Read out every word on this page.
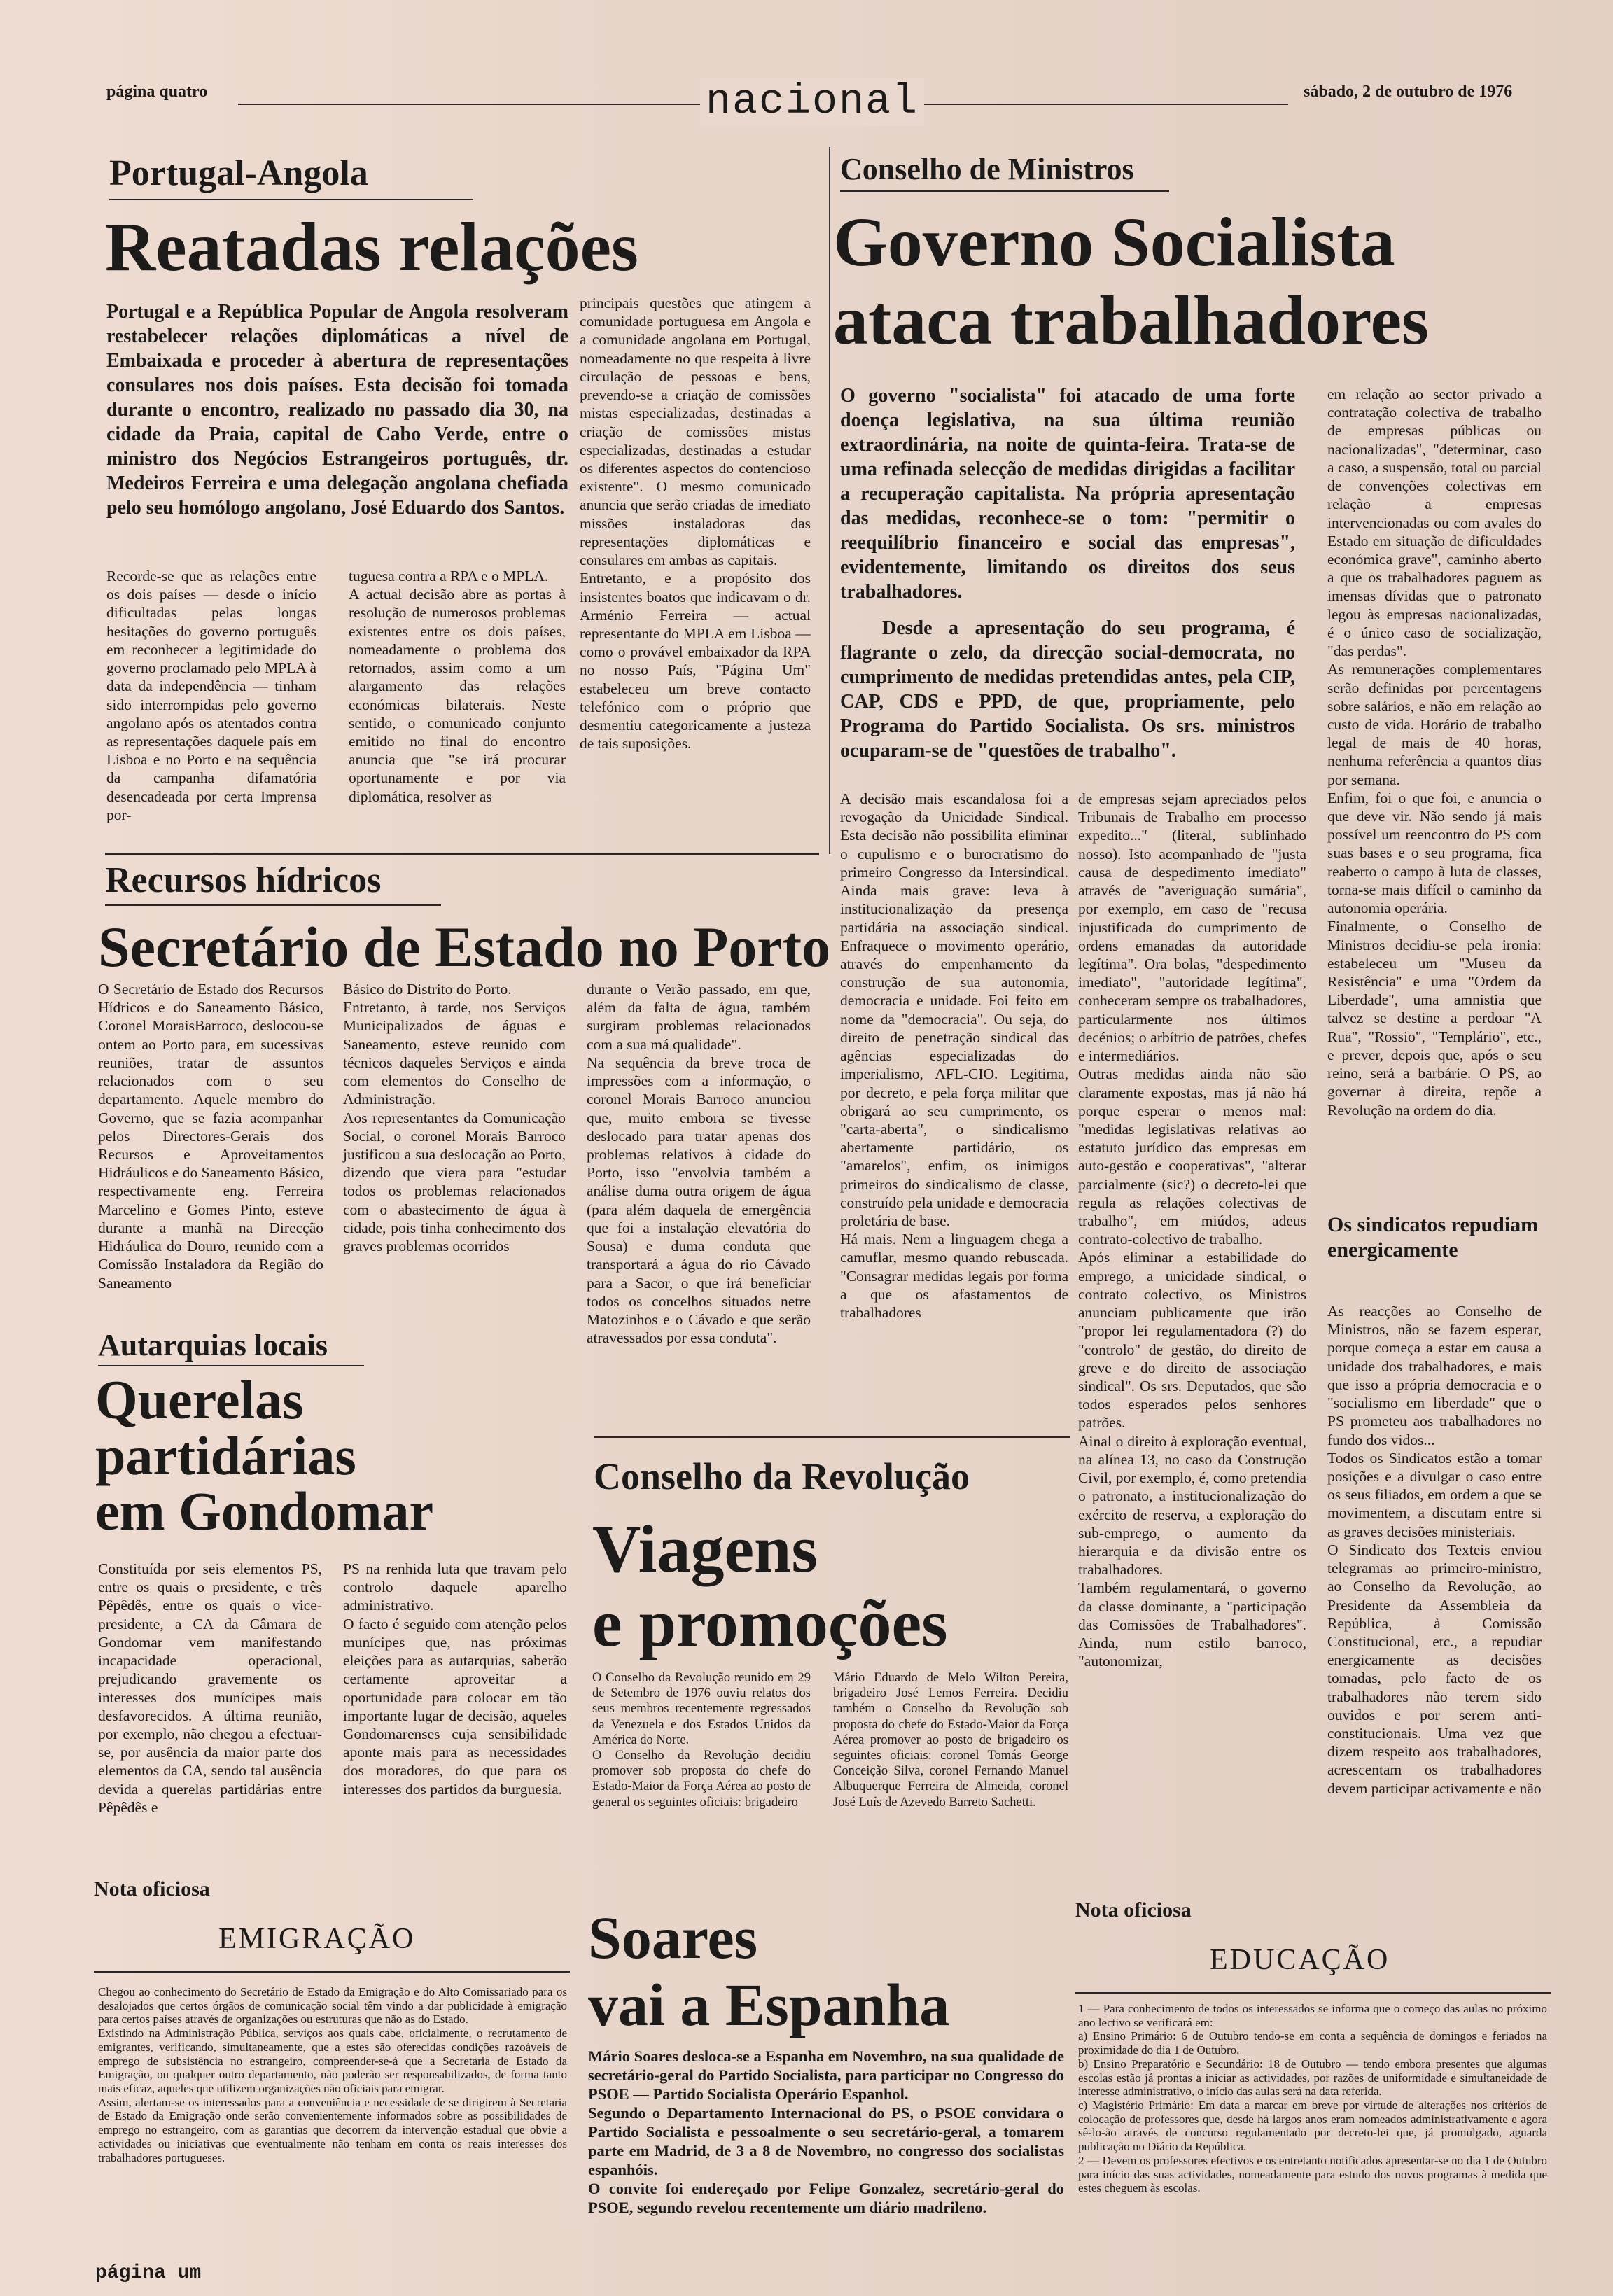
página quatro	nacional	sábado, 2 de outubro de 1976
Portugal-Angola
Reatadas relações
Portugal e a República Popular de Angola resolveram restabelecer relações diplomáticas a nível de Embaixada e proceder à abertura de representações consulares nos dois países. Esta decisão foi tomada durante o encontro, realizado no passado dia 30, na cidade da Praia, capital de Cabo Verde, entre o ministro dos Negócios Estrangeiros português, dr. Medeiros Ferreira e uma delegação angolana chefiada pelo seu homólogo angolano, José Eduardo dos Santos.
Recorde-se que as relações entre os dois países — desde o início dificultadas pelas longas hesitações do governo português em reconhecer a legitimidade do governo proclamado pelo MPLA à data da independência — tinham sido interrompidas pelo governo angolano após os atentados contra as representações daquele país em Lisboa e no Porto e na sequência da campanha difamatória desencadeada por certa Imprensa por-
tuguesa contra a RPA e o MPLA.
A actual decisão abre as portas à resolução de numerosos problemas existentes entre os dois países, nomeadamente o problema dos retornados, assim como a um alargamento das relações económicas bilaterais. Neste sentido, o comunicado conjunto emitido no final do encontro anuncia que "se irá procurar oportunamente e por via diplomática, resolver as
principais questões que atingem a comunidade portuguesa em Angola e a comunidade angolana em Portugal, nomeadamente no que respeita à livre circulação de pessoas e bens, prevendo-se a criação de comissões mistas especializadas, destinadas a criação de comissões mistas especializadas, destinadas a estudar os diferentes aspectos do contencioso existente". O mesmo comunicado anuncia que serão criadas de imediato missões instaladoras das representações diplomáticas e consulares em ambas as capitais.
Entretanto, e a propósito dos insistentes boatos que indicavam o dr. Arménio Ferreira — actual representante do MPLA em Lisboa — como o provável embaixador da RPA no nosso País, "Página Um" estabeleceu um breve contacto telefónico com o próprio que desmentiu categoricamente a justeza de tais suposições.
Recursos hídricos
Secretário de Estado no Porto
O Secretário de Estado dos Recursos Hídricos e do Saneamento Básico, Coronel MoraisBarroco, deslocou-se ontem ao Porto para, em sucessivas reuniões, tratar de assuntos relacionados com o seu departamento. Aquele membro do Governo, que se fazia acompanhar pelos Directores-Gerais dos Recursos e Aproveitamentos Hidráulicos e do Saneamento Básico, respectivamente eng. Ferreira Marcelino e Gomes Pinto, esteve durante a manhã na Direcção Hidráulica do Douro, reunido com a Comissão Instaladora da Região do Saneamento
Básico do Distrito do Porto.
Entretanto, à tarde, nos Serviços Municipalizados de águas e Saneamento, esteve reunido com técnicos daqueles Serviços e ainda com elementos do Conselho de Administração.
Aos representantes da Comunicação Social, o coronel Morais Barroco justificou a sua deslocação ao Porto, dizendo que viera para "estudar todos os problemas relacionados com o abastecimento de água à cidade, pois tinha conhecimento dos graves problemas ocorridos
durante o Verão passado, em que, além da falta de água, também surgiram problemas relacionados com a sua má qualidade".
Na sequência da breve troca de impressões com a informação, o coronel Morais Barroco anunciou que, muito embora se tivesse deslocado para tratar apenas dos problemas relativos à cidade do Porto, isso "envolvia também a análise duma outra origem de água (para além daquela de emergência que foi a instalação elevatória do Sousa) e duma conduta que transportará a água do rio Cávado para a Sacor, o que irá beneficiar todos os concelhos situados netre Matozinhos e o Cávado e que serão atravessados por essa conduta".
Autarquias locais
Querelas
partidárias
em Gondomar
Constituída por seis elementos PS, entre os quais o presidente, e três Pêpêdês, entre os quais o vice-presidente, a CA da Câmara de Gondomar vem manifestando incapacidade operacional, prejudicando gravemente os interesses dos munícipes mais desfavorecidos. A última reunião, por exemplo, não chegou a efectuar-se, por ausência da maior parte dos elementos da CA, sendo tal ausência devida a querelas partidárias entre Pêpêdês e
PS na renhida luta que travam pelo controlo daquele aparelho administrativo.
O facto é seguido com atenção pelos munícipes que, nas próximas eleições para as autarquias, saberão certamente aproveitar a oportunidade para colocar em tão importante lugar de decisão, aqueles Gondomarenses cuja sensibilidade aponte mais para as necessidades dos moradores, do que para os interesses dos partidos da burguesia.
Nota oficiosa
EMIGRAÇÃO
Chegou ao conhecimento do Secretário de Estado da Emigração e do Alto Comissariado para os desalojados que certos órgãos de comunicação social têm vindo a dar publicidade à emigração para certos países através de organizações ou estruturas que não as do Estado.
Existindo na Administração Pública, serviços aos quais cabe, oficialmente, o recrutamento de emigrantes, verificando, simultaneamente, que a estes são oferecidas condições razoáveis de emprego de subsistência no estrangeiro, compreender-se-á que a Secretaria de Estado da Emigração, ou qualquer outro departamento, não poderão ser responsabilizados, de forma tanto mais eficaz, aqueles que utilizem organizações não oficiais para emigrar.
Assim, alertam-se os interessados para a conveniência e necessidade de se dirigirem à Secretaria de Estado da Emigração onde serão convenientemente informados sobre as possibilidades de emprego no estrangeiro, com as garantias que decorrem da intervenção estadual que obvie a actividades ou iniciativas que eventualmente não tenham em conta os reais interesses dos trabalhadores portugueses.
página um
Conselho de Ministros
Governo Socialista
ataca trabalhadores
O governo "socialista" foi atacado de uma forte doença legislativa, na sua última reunião extraordinária, na noite de quinta-feira. Trata-se de uma refinada selecção de medidas dirigidas a facilitar a recuperação capitalista. Na própria apresentação das medidas, reconhece-se o tom: "permitir o reequilíbrio financeiro e social das empresas", evidentemente, limitando os direitos dos seus trabalhadores.
Desde a apresentação do seu programa, é flagrante o zelo, da direcção social-democrata, no cumprimento de medidas pretendidas antes, pela CIP, CAP, CDS e PPD, de que, propriamente, pelo Programa do Partido Socialista. Os srs. ministros ocuparam-se de "questões de trabalho".
A decisão mais escandalosa foi a revogação da Unicidade Sindical. Esta decisão não possibilita eliminar o cupulismo e o burocratismo do primeiro Congresso da Intersindical. Ainda mais grave: leva à institucionalização da presença partidária na associação sindical. Enfraquece o movimento operário, através do empenhamento da construção de sua autonomia, democracia e unidade. Foi feito em nome da "democracia". Ou seja, do direito de penetração sindical das agências especializadas do imperialismo, AFL-CIO. Legitima, por decreto, e pela força militar que obrigará ao seu cumprimento, os "carta-aberta", o sindicalismo abertamente partidário, os "amarelos", enfim, os inimigos primeiros do sindicalismo de classe, construído pela unidade e democracia proletária de base.
Há mais. Nem a linguagem chega a camuflar, mesmo quando rebuscada. "Consagrar medidas legais por forma a que os afastamentos de trabalhadores
de empresas sejam apreciados pelos Tribunais de Trabalho em processo expedito..." (literal, sublinhado nosso). Isto acompanhado de "justa causa de despedimento imediato" através de "averiguação sumária", por exemplo, em caso de "recusa injustificada do cumprimento de ordens emanadas da autoridade legítima". Ora bolas, "despedimento imediato", "autoridade legítima", conheceram sempre os trabalhadores, particularmente nos últimos decénios; o arbítrio de patrões, chefes e intermediários.
Outras medidas ainda não são claramente expostas, mas já não há porque esperar o menos mal: "medidas legislativas relativas ao estatuto jurídico das empresas em auto-gestão e cooperativas", "alterar parcialmente (sic?) o decreto-lei que regula as relações colectivas de trabalho", em miúdos, adeus contrato-colectivo de trabalho.
Após eliminar a estabilidade do emprego, a unicidade sindical, o contrato colectivo, os Ministros anunciam publicamente que irão "propor lei regulamentadora (?) do "controlo" de gestão, do direito de greve e do direito de associação sindical". Os srs. Deputados, que são todos esperados pelos senhores patrões.
Ainal o direito à exploração eventual, na alínea 13, no caso da Construção Civil, por exemplo, é, como pretendia o patronato, a institucionalização do exército de reserva, a exploração do sub-emprego, o aumento da hierarquia e da divisão entre os trabalhadores.
Também regulamentará, o governo da classe dominante, a "participação das Comissões de Trabalhadores". Ainda, num estilo barroco, "autonomizar,
em relação ao sector privado a contratação colectiva de trabalho de empresas públicas ou nacionalizadas", "determinar, caso a caso, a suspensão, total ou parcial de convenções colectivas em relação a empresas intervencionadas ou com avales do Estado em situação de dificuldades económica grave", caminho aberto a que os trabalhadores paguem as imensas dívidas que o patronato legou às empresas nacionalizadas, é o único caso de socialização, "das perdas".
As remunerações complementares serão definidas por percentagens sobre salários, e não em relação ao custo de vida. Horário de trabalho legal de mais de 40 horas, nenhuma referência a quantos dias por semana.
Enfim, foi o que foi, e anuncia o que deve vir. Não sendo já mais possível um reencontro do PS com suas bases e o seu programa, fica reaberto o campo à luta de classes, torna-se mais difícil o caminho da autonomia operária.
Finalmente, o Conselho de Ministros decidiu-se pela ironia: estabeleceu um "Museu da Resistência" e uma "Ordem da Liberdade", uma amnistia que talvez se destine a perdoar "A Rua", "Rossio", "Templário", etc., e prever, depois que, após o seu reino, será a barbárie. O PS, ao governar à direita, repõe a Revolução na ordem do dia.
Os sindicatos repudiam energicamente
As reacções ao Conselho de Ministros, não se fazem esperar, porque começa a estar em causa a unidade dos trabalhadores, e mais que isso a própria democracia e o "socialismo em liberdade" que o PS prometeu aos trabalhadores no fundo dos vidos...
Todos os Sindicatos estão a tomar posições e a divulgar o caso entre os seus filiados, em ordem a que se movimentem, a discutam entre si as graves decisões ministeriais.
O Sindicato dos Texteis enviou telegramas ao primeiro-ministro, ao Conselho da Revolução, ao Presidente da Assembleia da República, à Comissão Constitucional, etc., a repudiar energicamente as decisões tomadas, pelo facto de os trabalhadores não terem sido ouvidos e por serem anti-constitucionais. Uma vez que dizem respeito aos trabalhadores, acrescentam os trabalhadores devem participar activamente e não
Conselho da Revolução
Viagens
e promoções
O Conselho da Revolução reunido em 29 de Setembro de 1976 ouviu relatos dos seus membros recentemente regressados da Venezuela e dos Estados Unidos da América do Norte.
O Conselho da Revolução decidiu promover sob proposta do chefe do Estado-Maior da Força Aérea ao posto de general os seguintes oficiais: brigadeiro
Mário Eduardo de Melo Wilton Pereira, brigadeiro José Lemos Ferreira. Decidiu também o Conselho da Revolução sob proposta do chefe do Estado-Maior da Força Aérea promover ao posto de brigadeiro os seguintes oficiais: coronel Tomás George Conceição Silva, coronel Fernando Manuel Albuquerque Ferreira de Almeida, coronel José Luís de Azevedo Barreto Sachetti.
Soares
vai a Espanha
Mário Soares desloca-se a Espanha em Novembro, na sua qualidade de secretário-geral do Partido Socialista, para participar no Congresso do PSOE — Partido Socialista Operário Espanhol.
Segundo o Departamento Internacional do PS, o PSOE convidara o Partido Socialista e pessoalmente o seu secretário-geral, a tomarem parte em Madrid, de 3 a 8 de Novembro, no congresso dos socialistas espanhóis.
O convite foi endereçado por Felipe Gonzalez, secretário-geral do PSOE, segundo revelou recentemente um diário madrileno.
Nota oficiosa
EDUCAÇÃO
1 — Para conhecimento de todos os interessados se informa que o começo das aulas no próximo ano lectivo se verificará em:
a) Ensino Primário: 6 de Outubro tendo-se em conta a sequência de domingos e feriados na proximidade do dia 1 de Outubro.
b) Ensino Preparatório e Secundário: 18 de Outubro — tendo embora presentes que algumas escolas estão já prontas a iniciar as actividades, por razões de uniformidade e simultaneidade de interesse administrativo, o início das aulas será na data referida.
c) Magistério Primário: Em data a marcar em breve por virtude de alterações nos critérios de colocação de professores que, desde há largos anos eram nomeados administrativamente e agora sê-lo-ão através de concurso regulamentado por decreto-lei que, já promulgado, aguarda publicação no Diário da República.
2 — Devem os professores efectivos e os entretanto notificados apresentar-se no dia 1 de Outubro para início das suas actividades, nomeadamente para estudo dos novos programas à medida que estes cheguem às escolas.
